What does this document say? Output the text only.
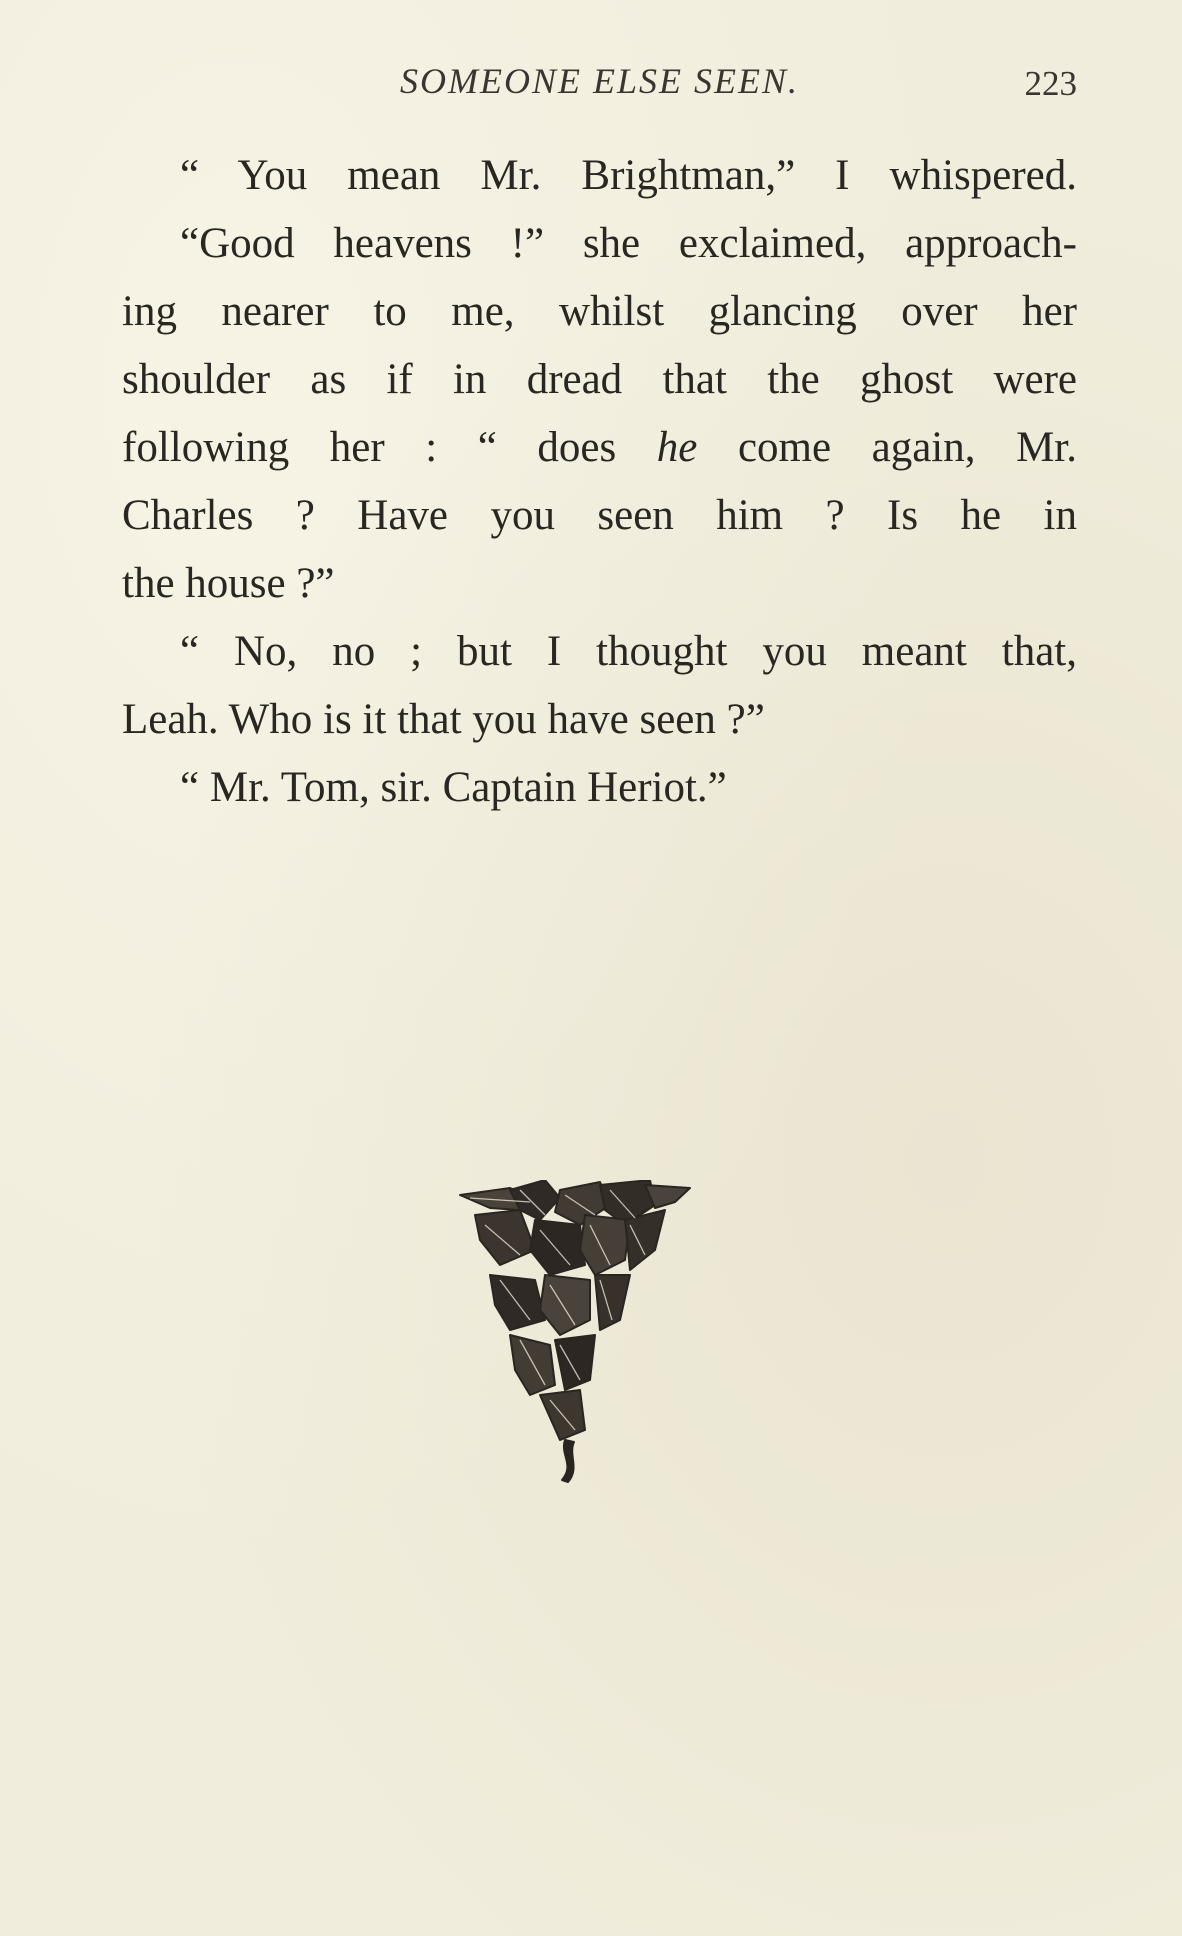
SOMEONE ELSE SEEN.	223
“ You mean Mr. Brightman,” I whispered.
“Good heavens !” she exclaimed, approach-
ing nearer to me, whilst glancing over her
shoulder as if in dread that the ghost were
following her : “ does he come again, Mr.
Charles ? Have you seen him ? Is he in
the house ?”
“ No, no ; but I thought you meant that,
Leah. Who is it that you have seen ?”
“ Mr. Tom, sir. Captain Heriot.”
